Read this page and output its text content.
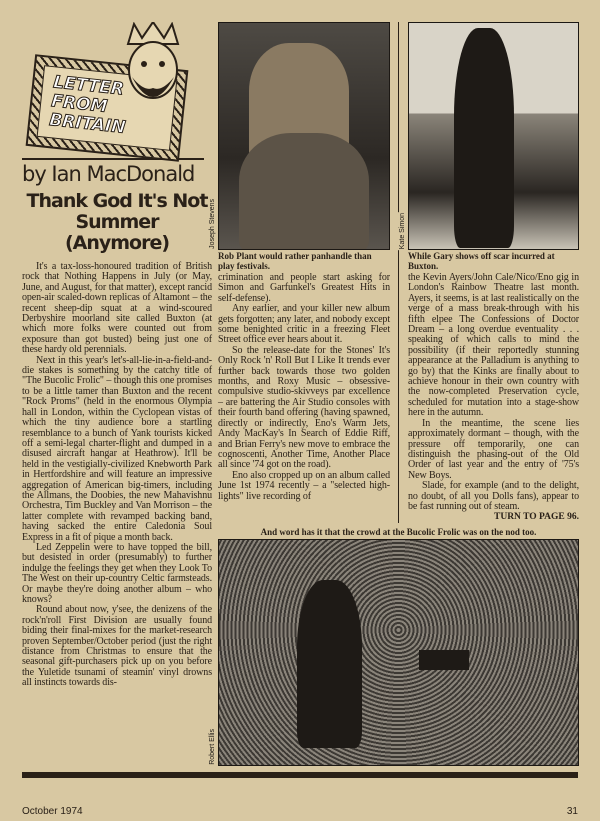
LETTER FROM BRITAIN
by Ian MacDonald
Thank God It's Not Summer (Anymore)

It's a tax-loss-honoured tradition of British rock that Nothing Happens in July (or May, June, and August, for that matter), except rancid open-air scaled-down replicas of Altamont – the recent sheep-dip squat at a wind-scoured Derbyshire moorland site called Buxton (at which more folks were counted out from exposure than got busted) being just one of these hardy old perennials.

Next in this year's let's-all-lie-in-a-field-and-die stakes is something by the catchy title of "The Bucolic Frolic" – though this one promises to be a little tamer than Buxton and the recent "Rock Proms" (held in the enormous Olympia hall in London, within the Cyclopean vistas of which the tiny audience bore a startling resemblance to a bunch of Yank tourists kicked off a semi-legal charter-flight and dumped in a disused aircraft hangar at Heathrow). It'll be held in the vestigially-civilized Knebworth Park in Hertfordshire and will feature an impressive aggregation of American big-timers, including the Allmans, the Doobies, the new Mahavishnu Orchestra, Tim Buckley and Van Morrison – the latter complete with revamped backing band, having sacked the entire Caledonia Soul Express in a fit of pique a month back.

Led Zeppelin were to have topped the bill, but desisted in order (presumably) to further indulge the feelings they get when they Look To The West on their up-country Celtic farmsteads. Or maybe they're doing another album – who knows?

Round about now, y'see, the denizens of the rock'n'roll First Division are usually found biding their final-mixes for the market-research proven September/October period (just the right distance from Christmas to ensure that the seasonal gift-purchasers pick up on you before the Yuletide tsunami of steamin' vinyl drowns all instincts towards dis-

Joseph Stevens
Rob Plant would rather panhandle than play festivals.

crimination and people start asking for Simon and Garfunkel's Greatest Hits in self-defense).

Any earlier, and your killer new album gets forgotten; any later, and nobody except some benighted critic in a freezing Fleet Street office ever hears about it.

So the release-date for the Stones' It's Only Rock 'n' Roll But I Like It trends ever further back towards those two golden months, and Roxy Music – obsessive-compulsive studio-skivveys par excellence – are battering the Air Studio consoles with their fourth band offering (having spawned, directly or indirectly, Eno's Warm Jets, Andy MacKay's In Search of Eddie Riff, and Brian Ferry's new move to embrace the cognoscenti, Another Time, Another Place all since '74 got on the road).

Eno also cropped up on an album called June 1st 1974 recently – a "selected high-lights" live recording of

Kate Simon
While Gary shows off scar incurred at Buxton.

the Kevin Ayers/John Cale/Nico/Eno gig in London's Rainbow Theatre last month. Ayers, it seems, is at last realistically on the verge of a mass break-through with his fifth elpee The Confessions of Doctor Dream – a long overdue eventuality . . . speaking of which calls to mind the possibility (if their reportedly stunning appearance at the Palladium is anything to go by) that the Kinks are finally about to achieve honour in their own country with the now-completed Preservation cycle, scheduled for mutation into a stage-show here in the autumn.

In the meantime, the scene lies approximately dormant – though, with the pressure off temporarily, one can distinguish the phasing-out of the Old Order of last year and the entry of '75's New Boys.

Slade, for example (and to the delight, no doubt, of all you Dolls fans), appear to be fast running out of steam.

TURN TO PAGE 96.
And word has it that the crowd at the Bucolic Frolic was on the nod too.
Robert Ellis
October 1974	31
